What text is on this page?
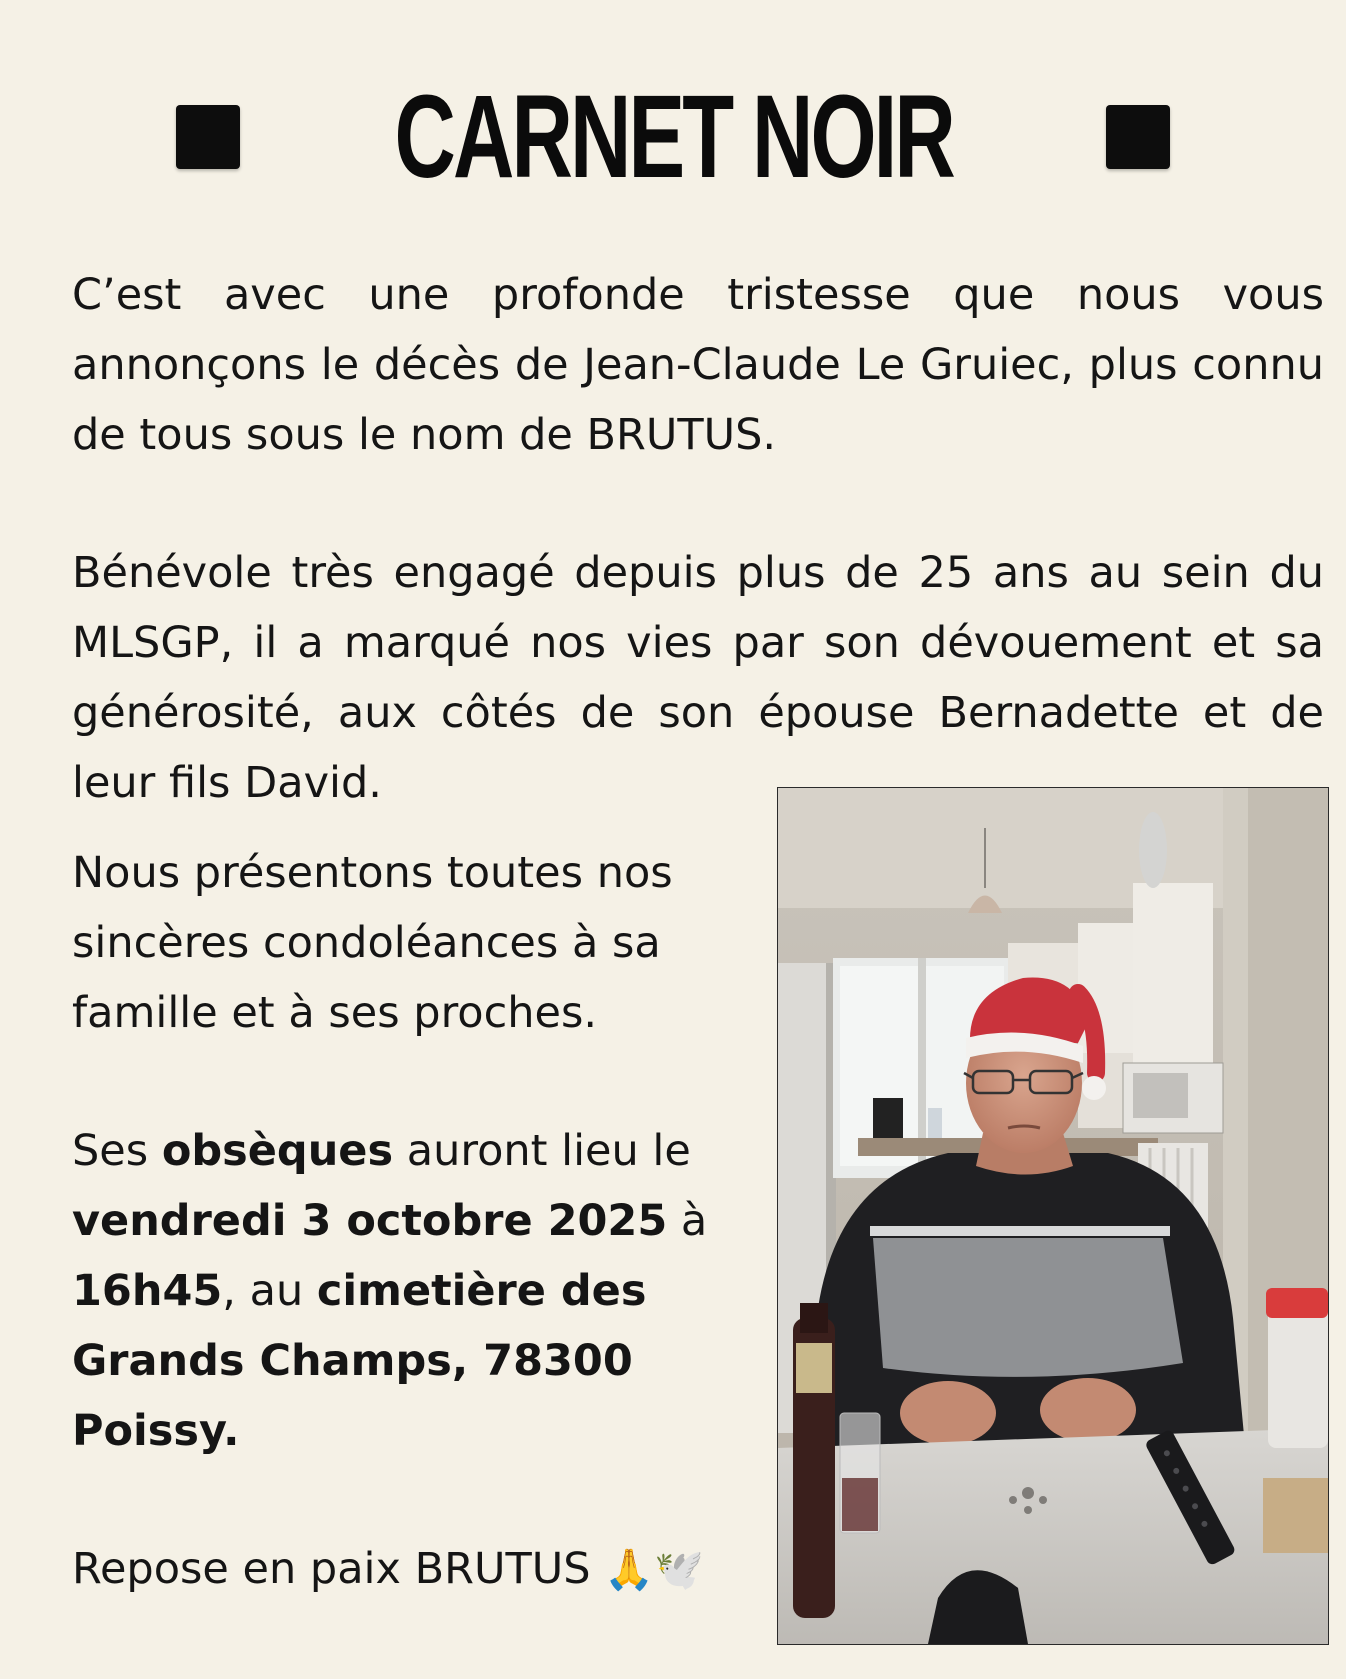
CARNET NOIR

C’est avec une profonde tristesse que nous vous annonçons le décès de Jean-Claude Le Gruiec, plus connu de tous sous le nom de BRUTUS.

Bénévole très engagé depuis plus de 25 ans au sein du MLSGP, il a marqué nos vies par son dévouement et sa générosité, aux côtés de son épouse Bernadette et de leur fils David.

Nous présentons toutes nos sincères condoléances à sa famille et à ses proches.

Ses obsèques auront lieu le vendredi 3 octobre 2025 à 16h45, au cimetière des Grands Champs, 78300 Poissy.

Repose en paix BRUTUS 🙏🕊️
